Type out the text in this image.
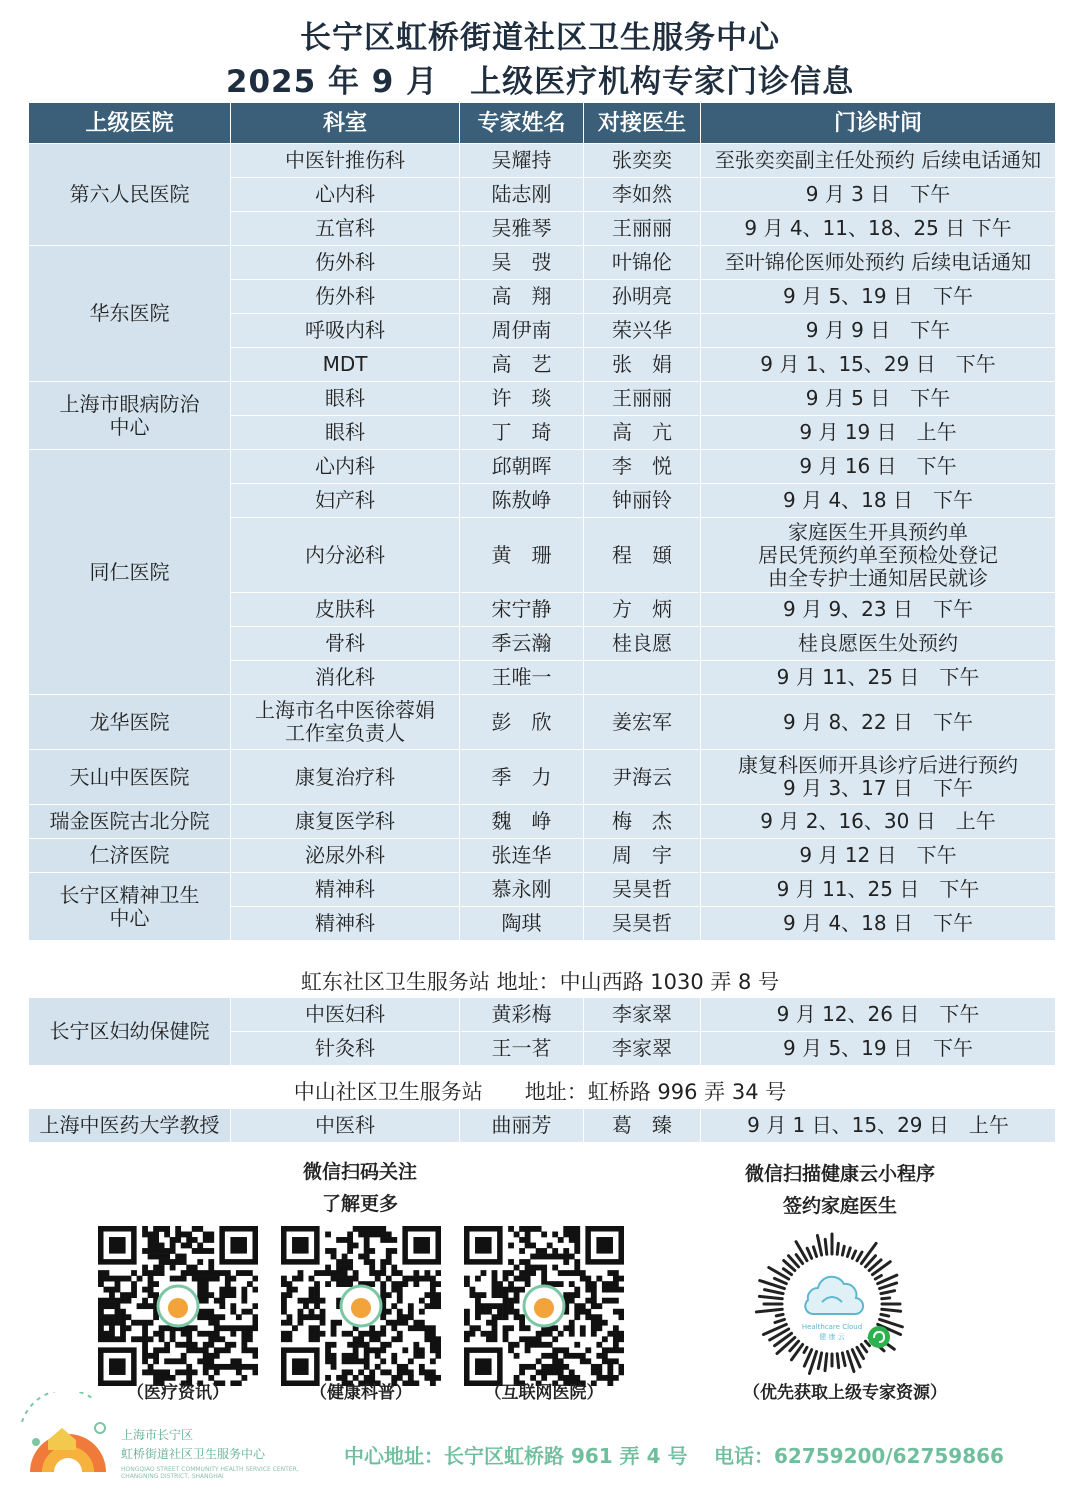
长宁区虹桥街道社区卫生服务中心
2025 年 9 月　上级医疗机构专家门诊信息
上级医院	科室	专家姓名	对接医生	门诊时间
第六人民医院	中医针推伤科	吴耀持	张奕奕	至张奕奕副主任处预约 后续电话通知
	心内科	陆志刚	李如然	9 月 3 日　下午
	五官科	吴雅琴	王丽丽	9 月 4、11、18、25 日 下午
华东医院	伤外科	吴　弢	叶锦伦	至叶锦伦医师处预约 后续电话通知
	伤外科	高　翔	孙明亮	9 月 5、19 日　下午
	呼吸内科	周伊南	荣兴华	9 月 9 日　下午
	MDT	高　艺	张　娟	9 月 1、15、29 日　下午
上海市眼病防治
中心	眼科	许　琰	王丽丽	9 月 5 日　下午
	眼科	丁　琦	高　亢	9 月 19 日　上午
同仁医院	心内科	邱朝晖	李　悦	9 月 16 日　下午
	妇产科	陈敖峥	钟丽铃	9 月 4、18 日　下午
	内分泌科	黄　珊	程　頲	家庭医生开具预约单
居民凭预约单至预检处登记
由全专护士通知居民就诊
	皮肤科	宋宁静	方　炳	9 月 9、23 日　下午
	骨科	季云瀚	桂良愿	桂良愿医生处预约
	消化科	王唯一		9 月 11、25 日　下午
龙华医院	上海市名中医徐蓉娟
工作室负责人	彭　欣	姜宏军	9 月 8、22 日　下午
天山中医医院	康复治疗科	季　力	尹海云	康复科医师开具诊疗后进行预约
9 月 3、17 日　下午
瑞金医院古北分院	康复医学科	魏　峥	梅　杰	9 月 2、16、30 日　上午
仁济医院	泌尿外科	张连华	周　宇	9 月 12 日　下午
长宁区精神卫生
中心	精神科	慕永刚	吴昊哲	9 月 11、25 日　下午
	精神科	陶琪	吴昊哲	9 月 4、18 日　下午
虹东社区卫生服务站 地址：中山西路 1030 弄 8 号
长宁区妇幼保健院	中医妇科	黄彩梅	李家翠	9 月 12、26 日　下午
	针灸科	王一茗	李家翠	9 月 5、19 日　下午
中山社区卫生服务站　　地址：虹桥路 996 弄 34 号
上海中医药大学教授	中医科	曲丽芳	葛　臻	9 月 1 日、15、29 日　上午
微信扫码关注
了解更多
微信扫描健康云小程序
签约家庭医生
Healthcare Cloud
健 康 云
（医疗资讯）	（健康科普）	（互联网医院）	（优先获取上级专家资源）
上海市长宁区
虹桥街道社区卫生服务中心
HONGQIAO STREET COMMUNITY HEALTH SERVICE CENTER, CHANGNING DISTRICT, SHANGHAI
中心地址：长宁区虹桥路 961 弄 4 号 电话：62759200/62759866
